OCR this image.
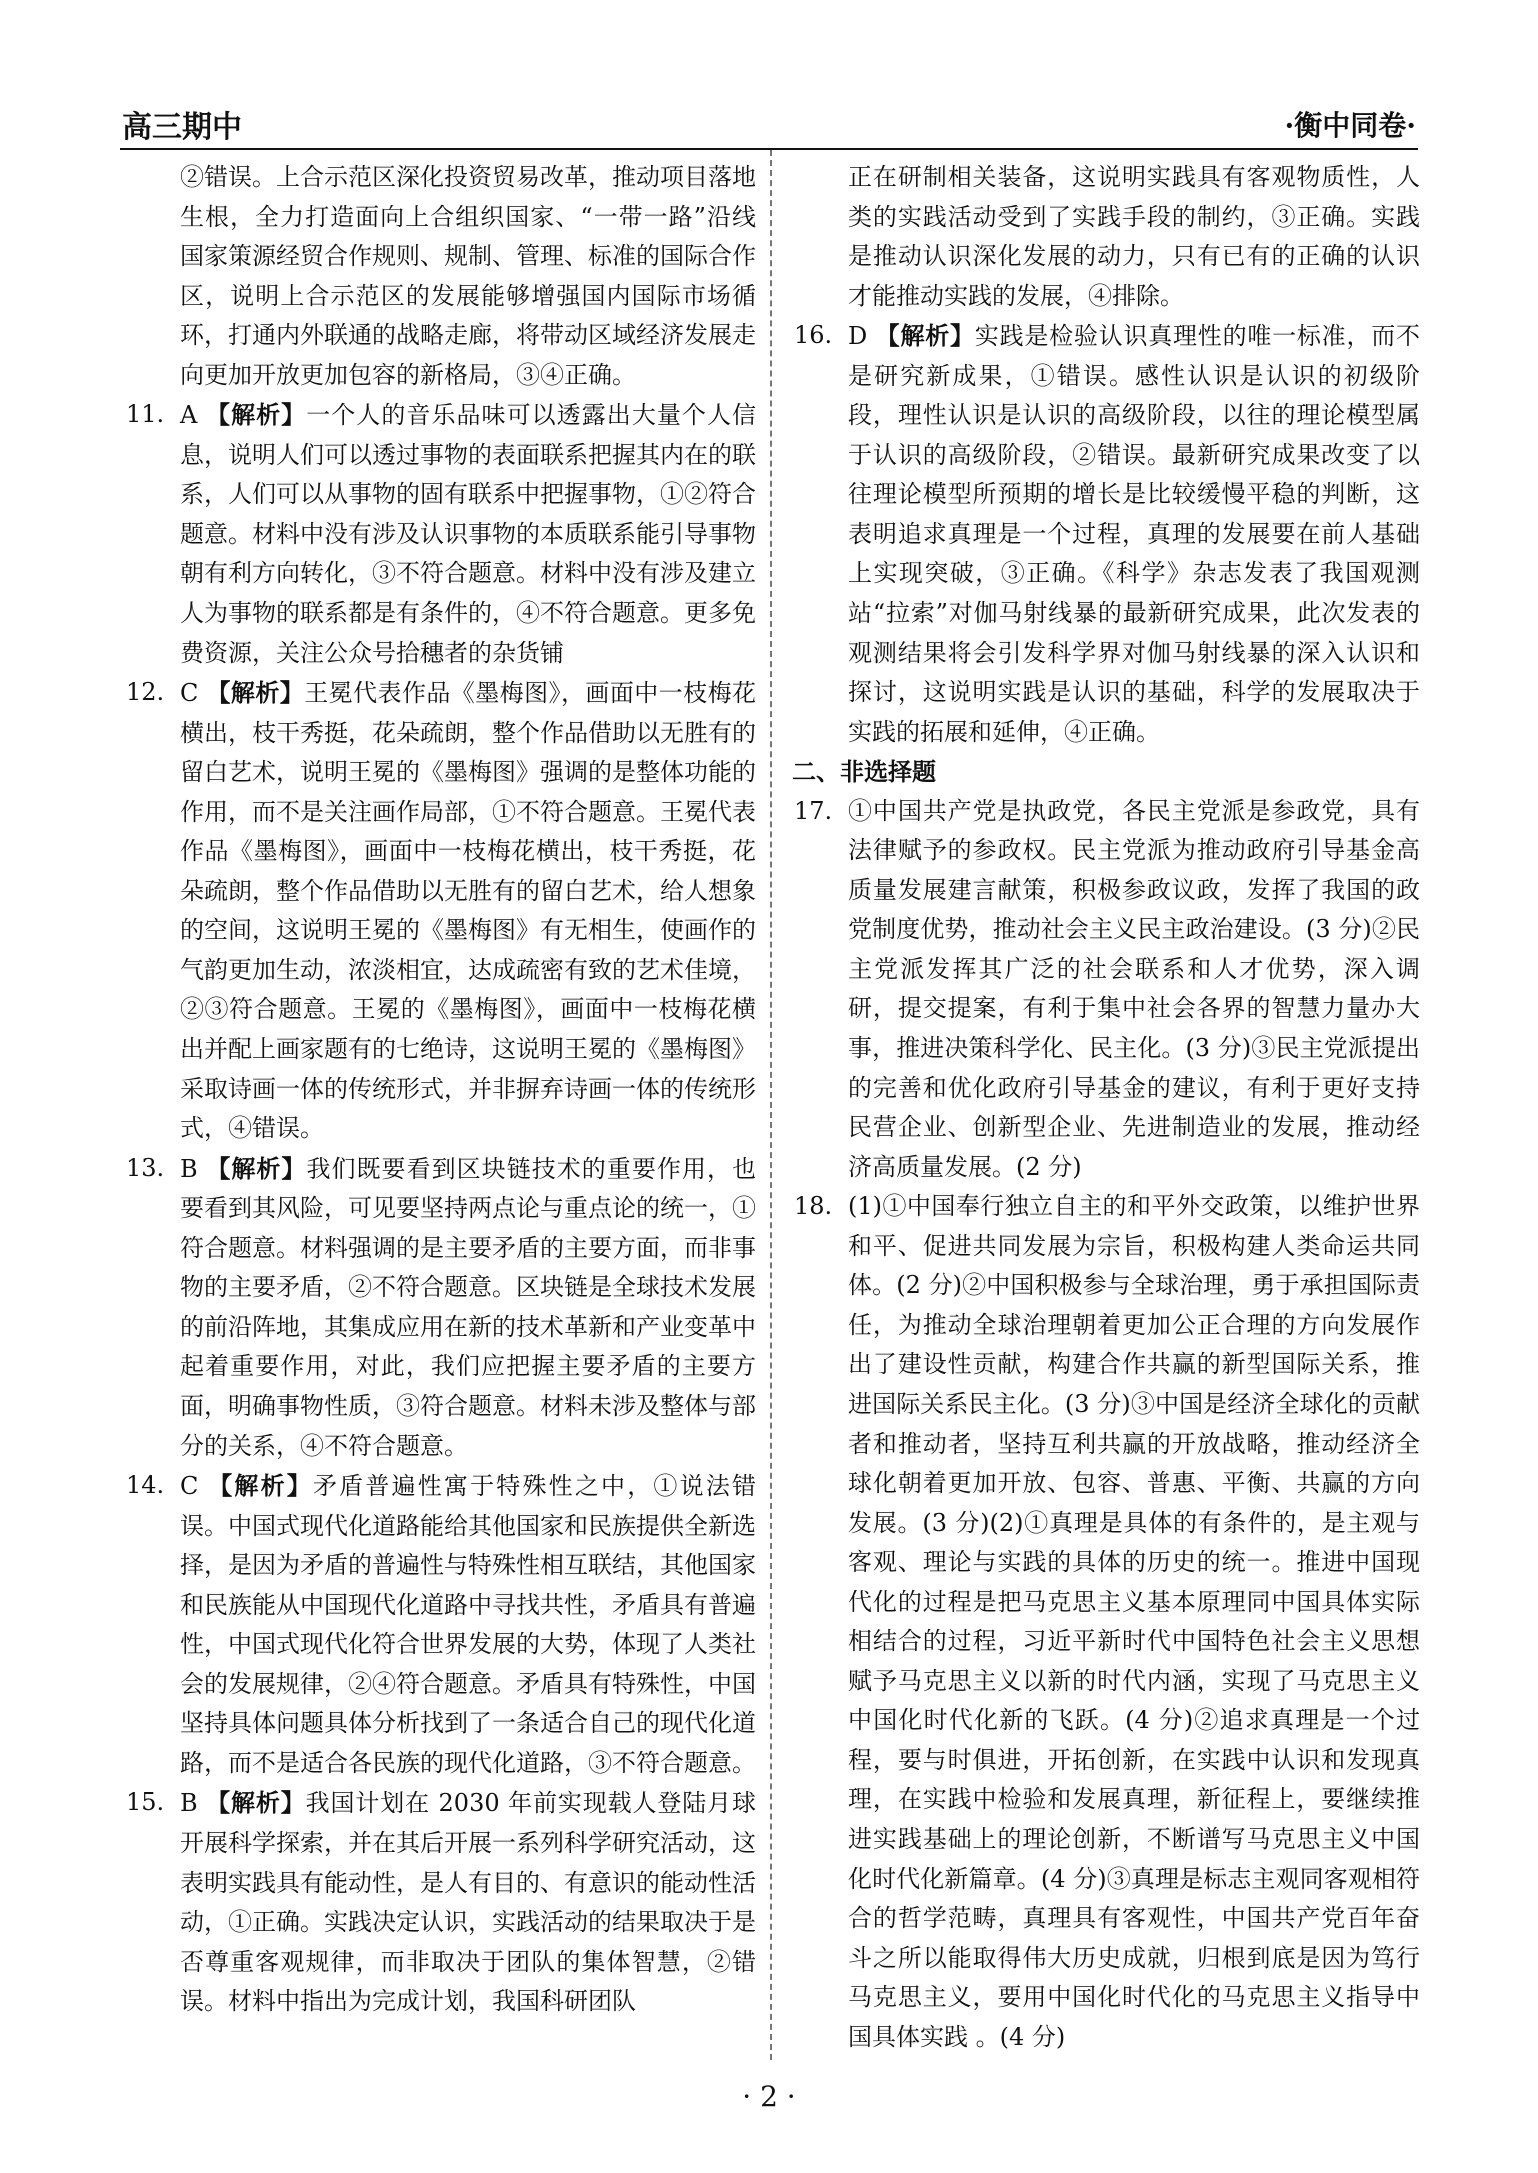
高三期中	·衡中同卷·

②错误。上合示范区深化投资贸易改革，推动项目落地生根，全力打造面向上合组织国家、“一带一路”沿线国家策源经贸合作规则、规制、管理、标准的国际合作区，说明上合示范区的发展能够增强国内国际市场循环，打通内外联通的战略走廊，将带动区域经济发展走向更加开放更加包容的新格局，③④正确。

11. A 【解析】一个人的音乐品味可以透露出大量个人信息，说明人们可以透过事物的表面联系把握其内在的联系，人们可以从事物的固有联系中把握事物，①②符合题意。材料中没有涉及认识事物的本质联系能引导事物朝有利方向转化，③不符合题意。材料中没有涉及建立人为事物的联系都是有条件的，④不符合题意。更多免费资源，关注公众号拾穗者的杂货铺
12. C 【解析】王冕代表作品《墨梅图》，画面中一枝梅花横出，枝干秀挺，花朵疏朗，整个作品借助以无胜有的留白艺术，说明王冕的《墨梅图》强调的是整体功能的作用，而不是关注画作局部，①不符合题意。王冕代表作品《墨梅图》，画面中一枝梅花横出，枝干秀挺，花朵疏朗，整个作品借助以无胜有的留白艺术，给人想象的空间，这说明王冕的《墨梅图》有无相生，使画作的气韵更加生动，浓淡相宜，达成疏密有致的艺术佳境，②③符合题意。王冕的《墨梅图》，画面中一枝梅花横出并配上画家题有的七绝诗，这说明王冕的《墨梅图》采取诗画一体的传统形式，并非摒弃诗画一体的传统形式，④错误。
13. B 【解析】我们既要看到区块链技术的重要作用，也要看到其风险，可见要坚持两点论与重点论的统一，①符合题意。材料强调的是主要矛盾的主要方面，而非事物的主要矛盾，②不符合题意。区块链是全球技术发展的前沿阵地，其集成应用在新的技术革新和产业变革中起着重要作用，对此，我们应把握主要矛盾的主要方面，明确事物性质，③符合题意。材料未涉及整体与部分的关系，④不符合题意。
14. C 【解析】矛盾普遍性寓于特殊性之中，①说法错误。中国式现代化道路能给其他国家和民族提供全新选择，是因为矛盾的普遍性与特殊性相互联结，其他国家和民族能从中国现代化道路中寻找共性，矛盾具有普遍性，中国式现代化符合世界发展的大势，体现了人类社会的发展规律，②④符合题意。矛盾具有特殊性，中国坚持具体问题具体分析找到了一条适合自己的现代化道路，而不是适合各民族的现代化道路，③不符合题意。
15. B 【解析】我国计划在 2030 年前实现载人登陆月球开展科学探索，并在其后开展一系列科学研究活动，这表明实践具有能动性，是人有目的、有意识的能动性活动，①正确。实践决定认识，实践活动的结果取决于是否尊重客观规律，而非取决于团队的集体智慧，②错误。材料中指出为完成计划，我国科研团队

正在研制相关装备，这说明实践具有客观物质性，人类的实践活动受到了实践手段的制约，③正确。实践是推动认识深化发展的动力，只有已有的正确的认识才能推动实践的发展，④排除。

16. D 【解析】实践是检验认识真理性的唯一标准，而不是研究新成果，①错误。感性认识是认识的初级阶段，理性认识是认识的高级阶段，以往的理论模型属于认识的高级阶段，②错误。最新研究成果改变了以往理论模型所预期的增长是比较缓慢平稳的判断，这表明追求真理是一个过程，真理的发展要在前人基础上实现突破，③正确。《科学》杂志发表了我国观测站“拉索”对伽马射线暴的最新研究成果，此次发表的观测结果将会引发科学界对伽马射线暴的深入认识和探讨，这说明实践是认识的基础，科学的发展取决于实践的拓展和延伸，④正确。

二、非选择题

17. ①中国共产党是执政党，各民主党派是参政党，具有法律赋予的参政权。民主党派为推动政府引导基金高质量发展建言献策，积极参政议政，发挥了我国的政党制度优势，推动社会主义民主政治建设。(3 分)②民主党派发挥其广泛的社会联系和人才优势，深入调研，提交提案，有利于集中社会各界的智慧力量办大事，推进决策科学化、民主化。(3 分)③民主党派提出的完善和优化政府引导基金的建议，有利于更好支持民营企业、创新型企业、先进制造业的发展，推动经济高质量发展。(2 分)
18. (1)①中国奉行独立自主的和平外交政策，以维护世界和平、促进共同发展为宗旨，积极构建人类命运共同体。(2 分)②中国积极参与全球治理，勇于承担国际责任，为推动全球治理朝着更加公正合理的方向发展作出了建设性贡献，构建合作共赢的新型国际关系，推进国际关系民主化。(3 分)③中国是经济全球化的贡献者和推动者，坚持互利共赢的开放战略，推动经济全球化朝着更加开放、包容、普惠、平衡、共赢的方向发展。(3 分)(2)①真理是具体的有条件的，是主观与客观、理论与实践的具体的历史的统一。推进中国现代化的过程是把马克思主义基本原理同中国具体实际相结合的过程，习近平新时代中国特色社会主义思想赋予马克思主义以新的时代内涵，实现了马克思主义中国化时代化新的飞跃。(4 分)②追求真理是一个过程，要与时俱进，开拓创新，在实践中认识和发现真理，在实践中检验和发展真理，新征程上，要继续推进实践基础上的理论创新，不断谱写马克思主义中国化时代化新篇章。(4 分)③真理是标志主观同客观相符合的哲学范畴，真理具有客观性，中国共产党百年奋斗之所以能取得伟大历史成就，归根到底是因为笃行马克思主义，要用中国化时代化的马克思主义指导中国具体实践 。(4 分)
· 2 ·
